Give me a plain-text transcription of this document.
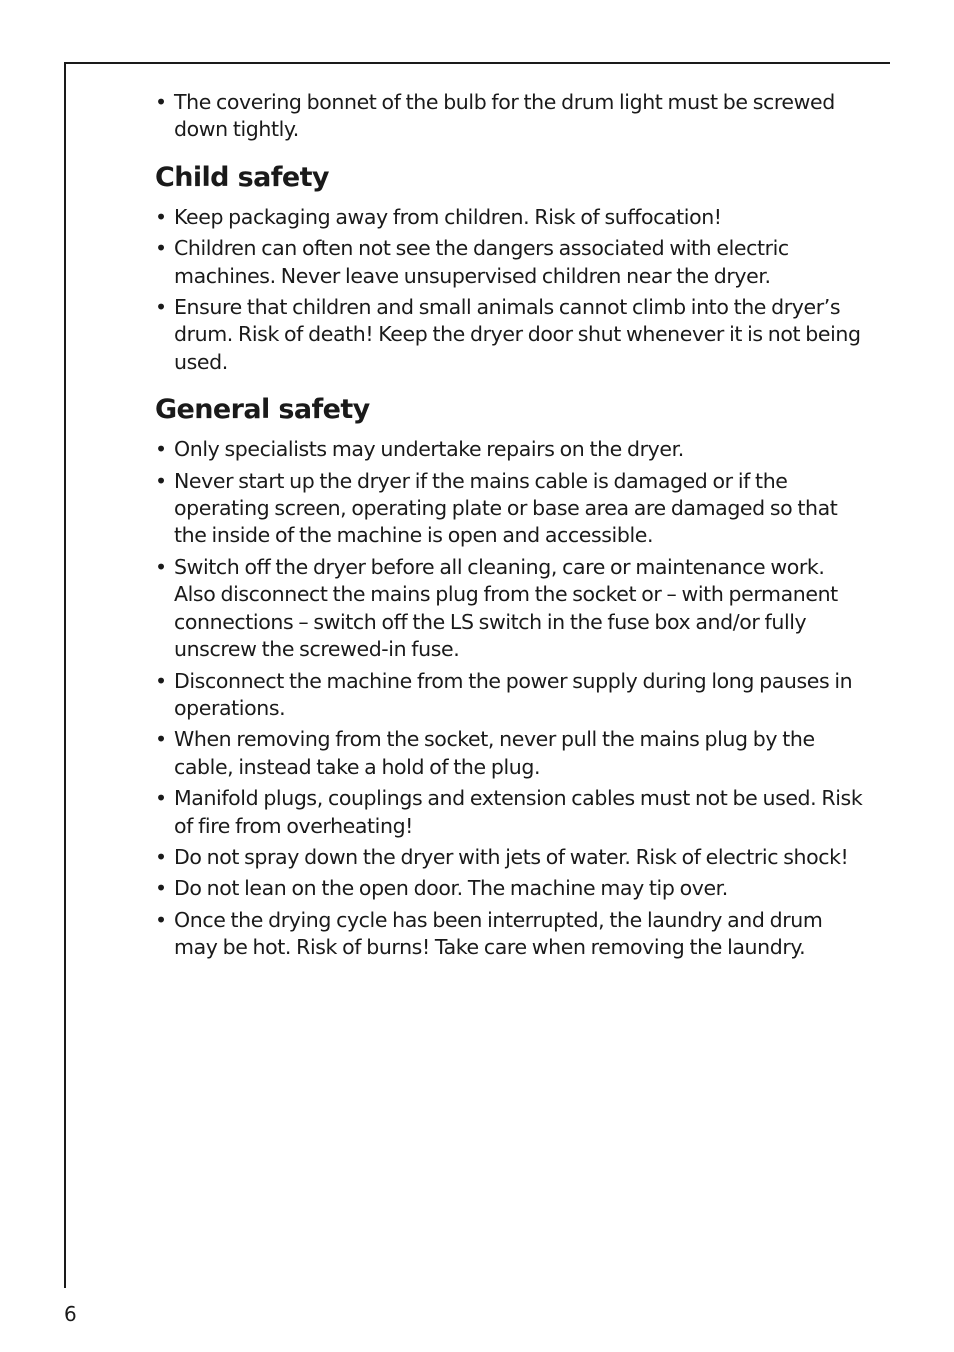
• The covering bonnet of the bulb for the drum light must be screwed down tightly.
Child safety
• Keep packaging away from children. Risk of suffocation!
• Children can often not see the dangers associated with electric machines. Never leave unsupervised children near the dryer.
• Ensure that children and small animals cannot climb into the dryer’s drum. Risk of death! Keep the dryer door shut whenever it is not being used.
General safety
• Only specialists may undertake repairs on the dryer.
• Never start up the dryer if the mains cable is damaged or if the operating screen, operating plate or base area are damaged so that the inside of the machine is open and accessible.
• Switch off the dryer before all cleaning, care or maintenance work. Also disconnect the mains plug from the socket or – with permanent connections – switch off the LS switch in the fuse box and/or fully unscrew the screwed-in fuse.
• Disconnect the machine from the power supply during long pauses in operations.
• When removing from the socket, never pull the mains plug by the cable, instead take a hold of the plug.
• Manifold plugs, couplings and extension cables must not be used. Risk of fire from overheating!
• Do not spray down the dryer with jets of water. Risk of electric shock!
• Do not lean on the open door. The machine may tip over.
• Once the drying cycle has been interrupted, the laundry and drum may be hot. Risk of burns! Take care when removing the laundry.
6
